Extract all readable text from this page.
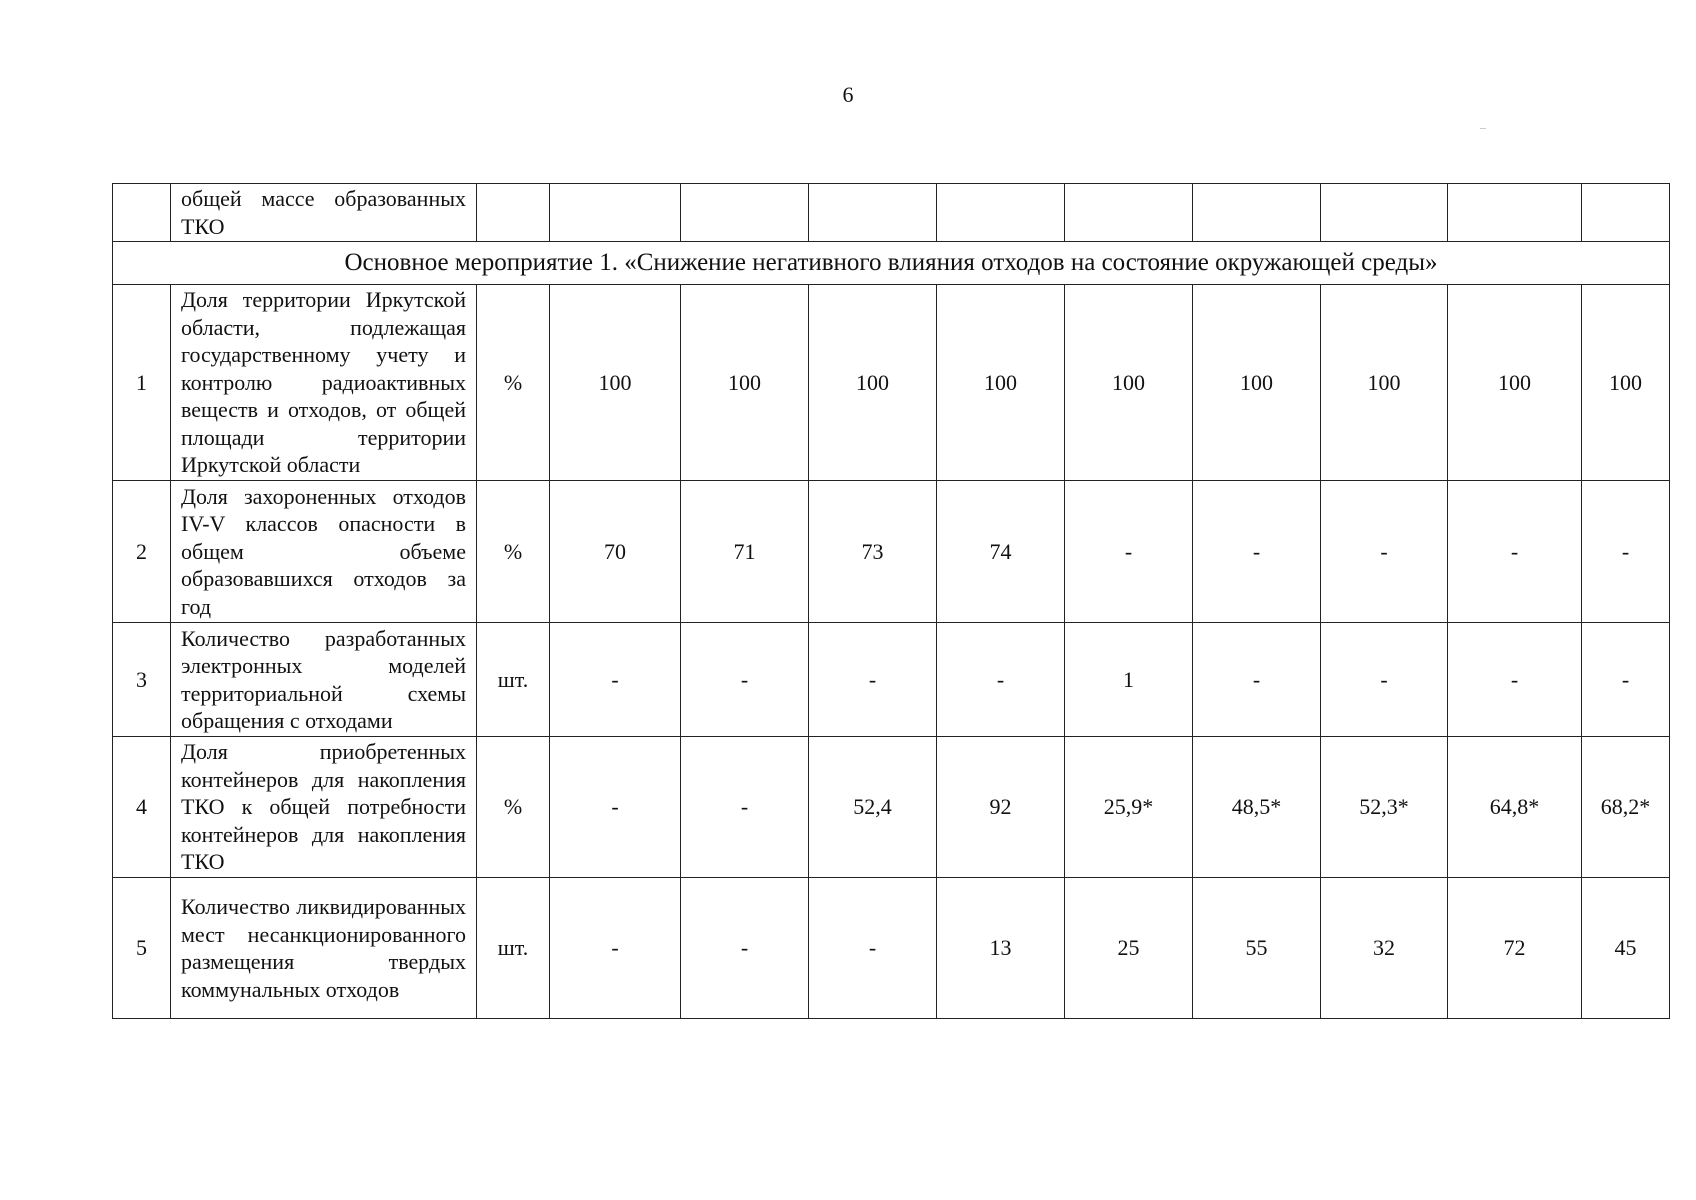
6
	общей массе образованных ТКО										
Основное мероприятие 1. «Снижение негативного влияния отходов на состояние окружающей среды»											
1	Доля территории Иркутской области, подлежащая государственному учету и контролю радиоактивных веществ и отходов, от общей площади территории Иркутской области	%	100	100	100	100	100	100	100	100	100
2	Доля захороненных отходов IV-V классов опасности в общем объеме образовавшихся отходов за год	%	70	71	73	74	-	-	-	-	-
3	Количество разработанных электронных моделей территориальной схемы обращения с отходами	шт.	-	-	-	-	1	-	-	-	-
4	Доля приобретенных контейнеров для накопления ТКО к общей потребности контейнеров для накопления ТКО	%	-	-	52,4	92	25,9*	48,5*	52,3*	64,8*	68,2*
5	Количество ликвидированных мест несанкционированного размещения твердых коммунальных отходов	шт.	-	-	-	13	25	55	32	72	45
